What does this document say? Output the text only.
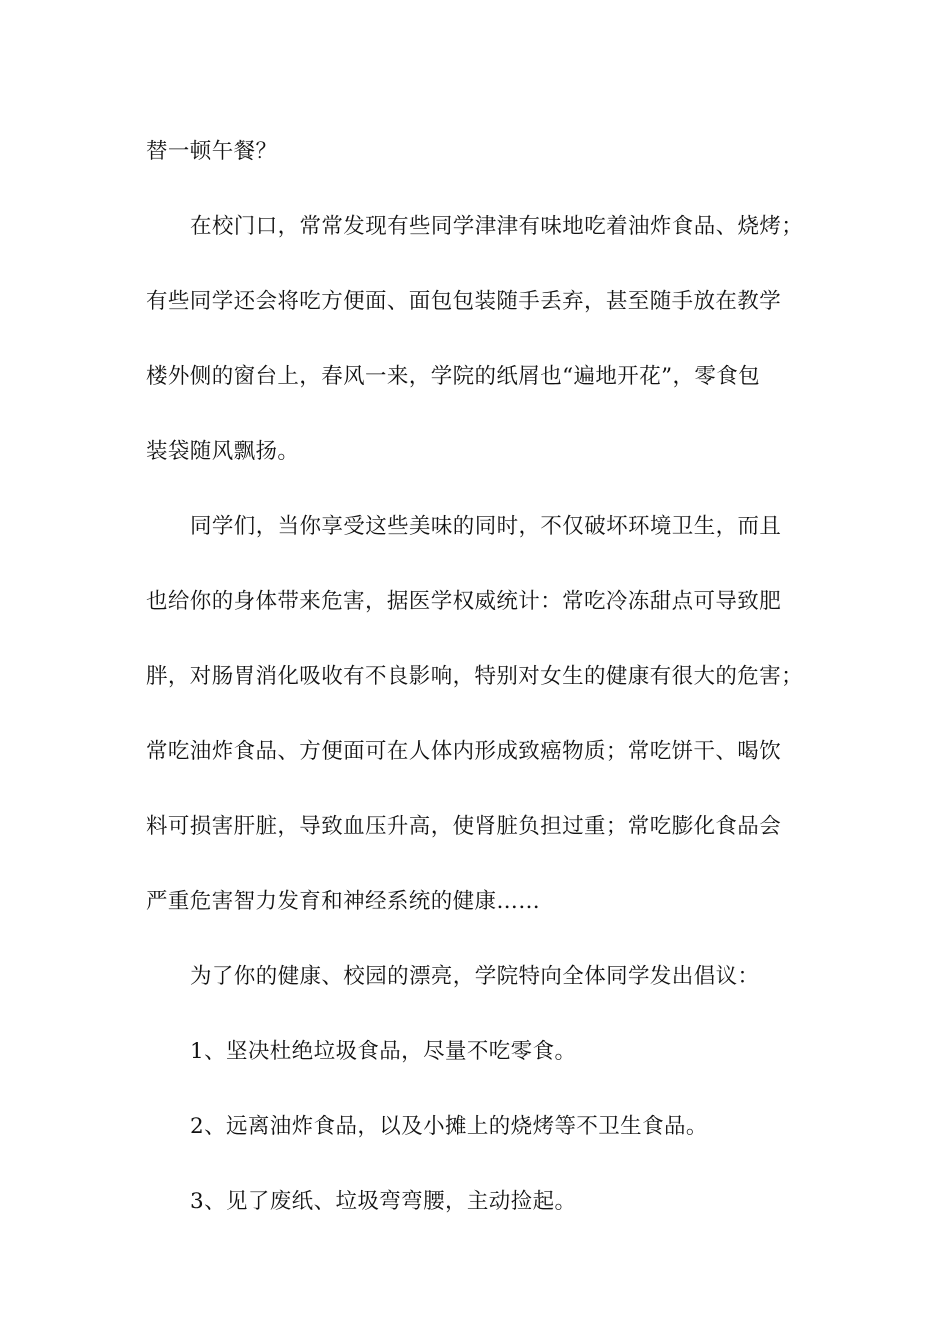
替一顿午餐？
在校门口，常常发现有些同学津津有味地吃着油炸食品、烧烤；
有些同学还会将吃方便面、面包包装随手丢弃，甚至随手放在教学
楼外侧的窗台上，春风一来，学院的纸屑也“遍地开花”，零食包
装袋随风飘扬。
同学们，当你享受这些美味的同时，不仅破坏环境卫生，而且
也给你的身体带来危害，据医学权威统计：常吃冷冻甜点可导致肥
胖，对肠胃消化吸收有不良影响，特别对女生的健康有很大的危害；
常吃油炸食品、方便面可在人体内形成致癌物质；常吃饼干、喝饮
料可损害肝脏，导致血压升高，使肾脏负担过重；常吃膨化食品会
严重危害智力发育和神经系统的健康……
为了你的健康、校园的漂亮，学院特向全体同学发出倡议：
1、坚决杜绝垃圾食品，尽量不吃零食。
2、远离油炸食品，以及小摊上的烧烤等不卫生食品。
3、见了废纸、垃圾弯弯腰，主动捡起。
